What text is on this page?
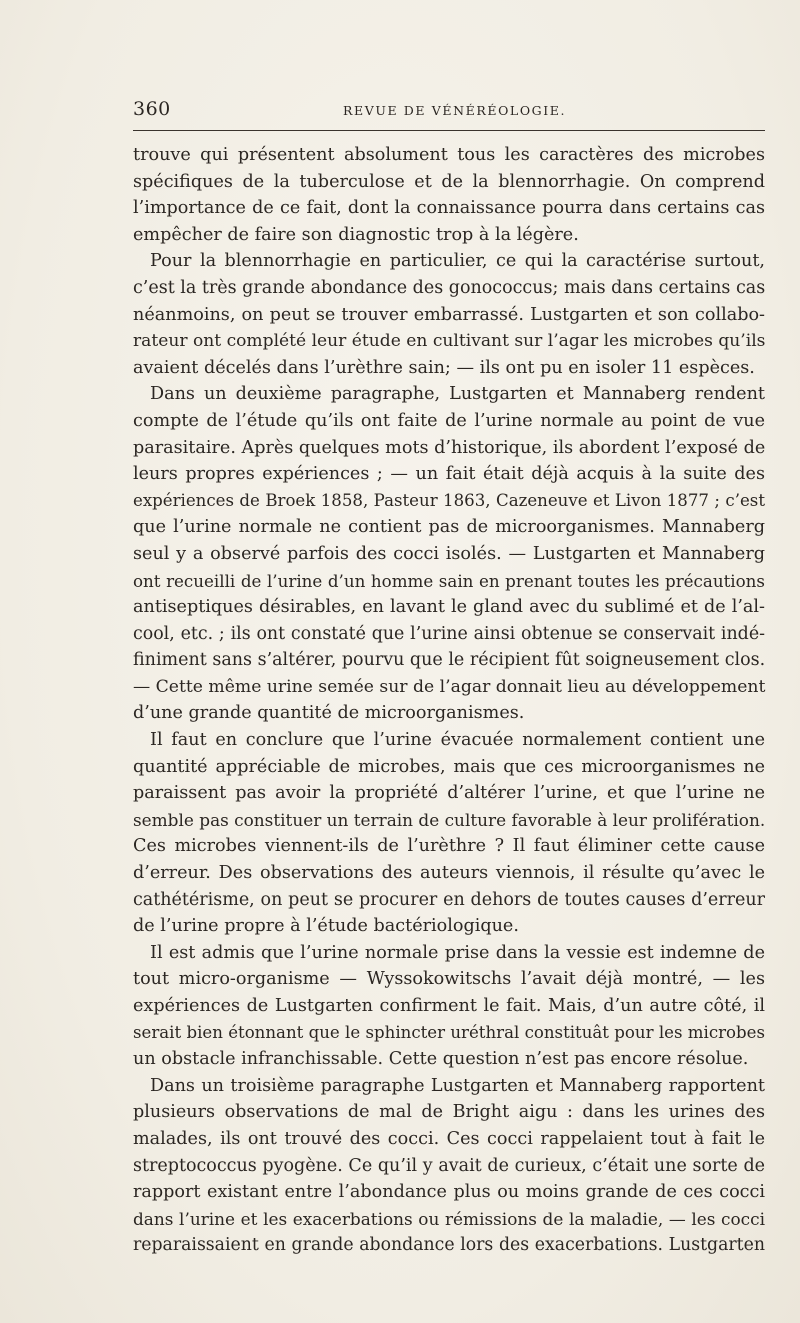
360	REVUE DE VÉNÉRÉOLOGIE.
trouve qui présentent absolument tous les caractères des microbes
spécifiques de la tuberculose et de la blennorrhagie. On comprend
l’importance de ce fait, dont la connaissance pourra dans certains cas
empêcher de faire son diagnostic trop à la légère.
Pour la blennorrhagie en particulier, ce qui la caractérise surtout,
c’est la très grande abondance des gonococcus; mais dans certains cas
néanmoins, on peut se trouver embarrassé. Lustgarten et son collabo-
rateur ont complété leur étude en cultivant sur l’agar les microbes qu’ils
avaient décelés dans l’urèthre sain; — ils ont pu en isoler 11 espèces.
Dans un deuxième paragraphe, Lustgarten et Mannaberg rendent
compte de l’étude qu’ils ont faite de l’urine normale au point de vue
parasitaire. Après quelques mots d’historique, ils abordent l’exposé de
leurs propres expériences ; — un fait était déjà acquis à la suite des
expériences de Broek 1858, Pasteur 1863, Cazeneuve et Livon 1877 ; c’est
que l’urine normale ne contient pas de microorganismes. Mannaberg
seul y a observé parfois des cocci isolés. — Lustgarten et Mannaberg
ont recueilli de l’urine d’un homme sain en prenant toutes les précautions
antiseptiques désirables, en lavant le gland avec du sublimé et de l’al-
cool, etc. ; ils ont constaté que l’urine ainsi obtenue se conservait indé-
finiment sans s’altérer, pourvu que le récipient fût soigneusement clos.
— Cette même urine semée sur de l’agar donnait lieu au développement
d’une grande quantité de microorganismes.
Il faut en conclure que l’urine évacuée normalement contient une
quantité appréciable de microbes, mais que ces microorganismes ne
paraissent pas avoir la propriété d’altérer l’urine, et que l’urine ne
semble pas constituer un terrain de culture favorable à leur prolifération.
Ces microbes viennent-ils de l’urèthre ? Il faut éliminer cette cause
d’erreur. Des observations des auteurs viennois, il résulte qu’avec le
cathétérisme, on peut se procurer en dehors de toutes causes d’erreur
de l’urine propre à l’étude bactériologique.
Il est admis que l’urine normale prise dans la vessie est indemne de
tout micro-organisme — Wyssokowitschs l’avait déjà montré, — les
expériences de Lustgarten confirment le fait. Mais, d’un autre côté, il
serait bien étonnant que le sphincter uréthral constituât pour les microbes
un obstacle infranchissable. Cette question n’est pas encore résolue.
Dans un troisième paragraphe Lustgarten et Mannaberg rapportent
plusieurs observations de mal de Bright aigu : dans les urines des
malades, ils ont trouvé des cocci. Ces cocci rappelaient tout à fait le
streptococcus pyogène. Ce qu’il y avait de curieux, c’était une sorte de
rapport existant entre l’abondance plus ou moins grande de ces cocci
dans l’urine et les exacerbations ou rémissions de la maladie, — les cocci
reparaissaient en grande abondance lors des exacerbations. Lustgarten
